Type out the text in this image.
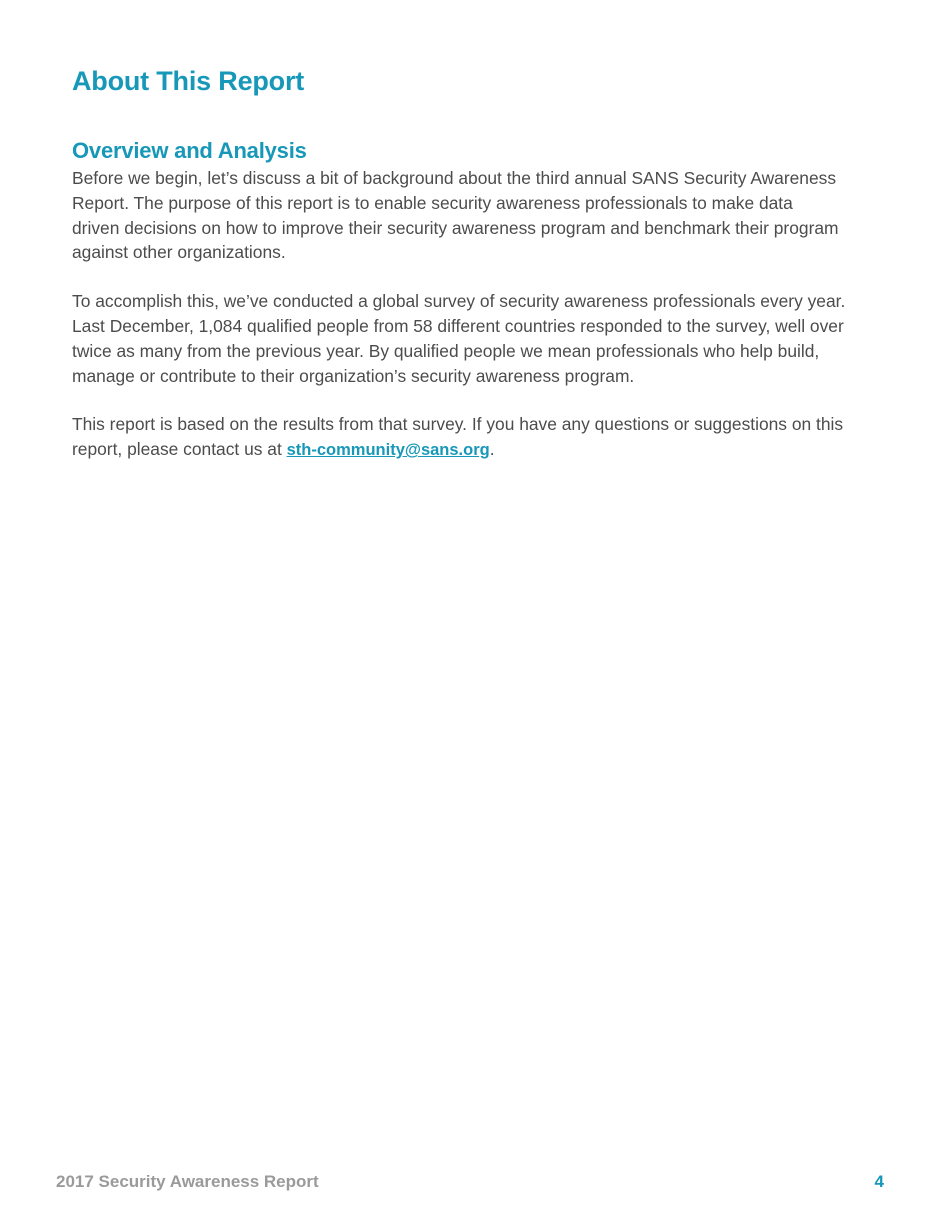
About This Report
Overview and Analysis

Before we begin, let’s discuss a bit of background about the third annual SANS Security Awareness Report. The purpose of this report is to enable security awareness professionals to make data driven decisions on how to improve their security awareness program and benchmark their program against other organizations.

To accomplish this, we’ve conducted a global survey of security awareness professionals every year. Last December, 1,084 qualified people from 58 different countries responded to the survey, well over twice as many from the previous year. By qualified people we mean professionals who help build, manage or contribute to their organization’s security awareness program.

This report is based on the results from that survey. If you have any questions or suggestions on this report, please contact us at sth-community@sans.org.

2017 Security Awareness Report	4
